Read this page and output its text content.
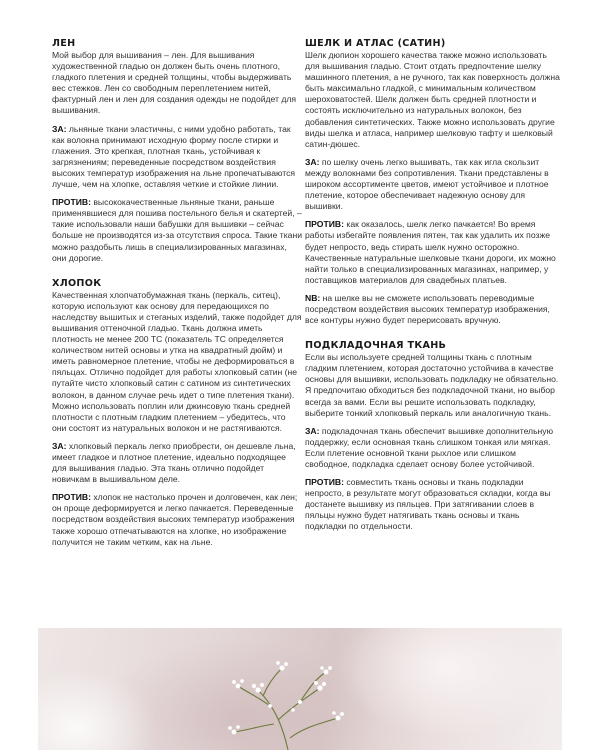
ЛЕН

Мой выбор для вышивания – лен. Для вышивания художественной гладью он должен быть очень плотного, гладкого плетения и средней толщины, чтобы выдерживать вес стежков. Лен со свободным переплетением нитей, фактурный лен и лен для создания одежды не подойдет для вышивания.

ЗА: льняные ткани эластичны, с ними удобно работать, так как волокна принимают исходную форму после стирки и глажения. Это крепкая, плотная ткань, устойчивая к загрязнениям; переведенные посредством воздействия высоких температур изображения на льне пропечатываются лучше, чем на хлопке, оставляя четкие и стойкие линии.

ПРОТИВ: высококачественные льняные ткани, раньше применявшиеся для пошива постельного белья и скатертей, – такие использовали наши бабушки для вышивки – сейчас больше не производятся из-за отсутствия спроса. Такие ткани можно раздобыть лишь в специализированных магазинах, они дорогие.

ХЛОПОК

Качественная хлопчатобумажная ткань (перкаль, ситец), которую используют как основу для передающихся по наследству вышитых и стеганых изделий, также подойдет для вышивания оттеночной гладью. Ткань должна иметь плотность не менее 200 ТС (показатель ТС определяется количеством нитей основы и утка на квадратный дюйм) и иметь равномерное плетение, чтобы не деформироваться в пяльцах. Отлично подойдет для работы хлопковый сатин (не путайте чисто хлопковый сатин с сатином из синтетических волокон, в данном случае речь идет о типе плетения ткани). Можно использовать поплин или джинсовую ткань средней плотности с плотным гладким плетением – убедитесь, что они состоят из натуральных волокон и не растягиваются.

ЗА: хлопковый перкаль легко приобрести, он дешевле льна, имеет гладкое и плотное плетение, идеально подходящее для вышивания гладью. Эта ткань отлично подойдет новичкам в вышивальном деле.

ПРОТИВ: хлопок не настолько прочен и долговечен, как лен; он проще деформируется и легко пачкается. Переведенные посредством воздействия высоких температур изображения также хорошо отпечатываются на хлопке, но изображение получится не таким четким, как на льне.

ШЕЛК И АТЛАС (САТИН)

Шелк дюпион хорошего качества также можно использовать для вышивания гладью. Стоит отдать предпочтение шелку машинного плетения, а не ручного, так как поверхность должна быть максимально гладкой, с минимальным количеством шероховатостей. Шелк должен быть средней плотности и состоять исключительно из натуральных волокон, без добавления синтетических. Также можно использовать другие виды шелка и атласа, например шелковую тафту и шелковый сатин-дюшес.

ЗА: по шелку очень легко вышивать, так как игла скользит между волокнами без сопротивления. Ткани представлены в широком ассортименте цветов, имеют устойчивое и плотное плетение, которое обеспечивает надежную основу для вышивки.

ПРОТИВ: как оказалось, шелк легко пачкается! Во время работы избегайте появления пятен, так как удалить их позже будет непросто, ведь стирать шелк нужно осторожно. Качественные натуральные шелковые ткани дороги, их можно найти только в специализированных магазинах, например, у поставщиков материалов для свадебных платьев.

NB: на шелке вы не сможете использовать переводимые посредством воздействия высоких температур изображения, все контуры нужно будет перерисовать вручную.

ПОДКЛАДОЧНАЯ ТКАНЬ

Если вы используете средней толщины ткань с плотным гладким плетением, которая достаточно устойчива в качестве основы для вышивки, использовать подкладку не обязательно. Я предпочитаю обходиться без подкладочной ткани, но выбор всегда за вами. Если вы решите использовать подкладку, выберите тонкий хлопковый перкаль или аналогичную ткань.

ЗА: подкладочная ткань обеспечит вышивке дополнительную поддержку, если основная ткань слишком тонкая или мягкая. Если плетение основной ткани рыхлое или слишком свободное, подкладка сделает основу более устойчивой.

ПРОТИВ: совместить ткань основы и ткань подкладки непросто, в результате могут образоваться складки, когда вы достанете вышивку из пяльцев. При затягивании слоев в пяльцы нужно будет натягивать ткань основы и ткань подкладки по отдельности.
